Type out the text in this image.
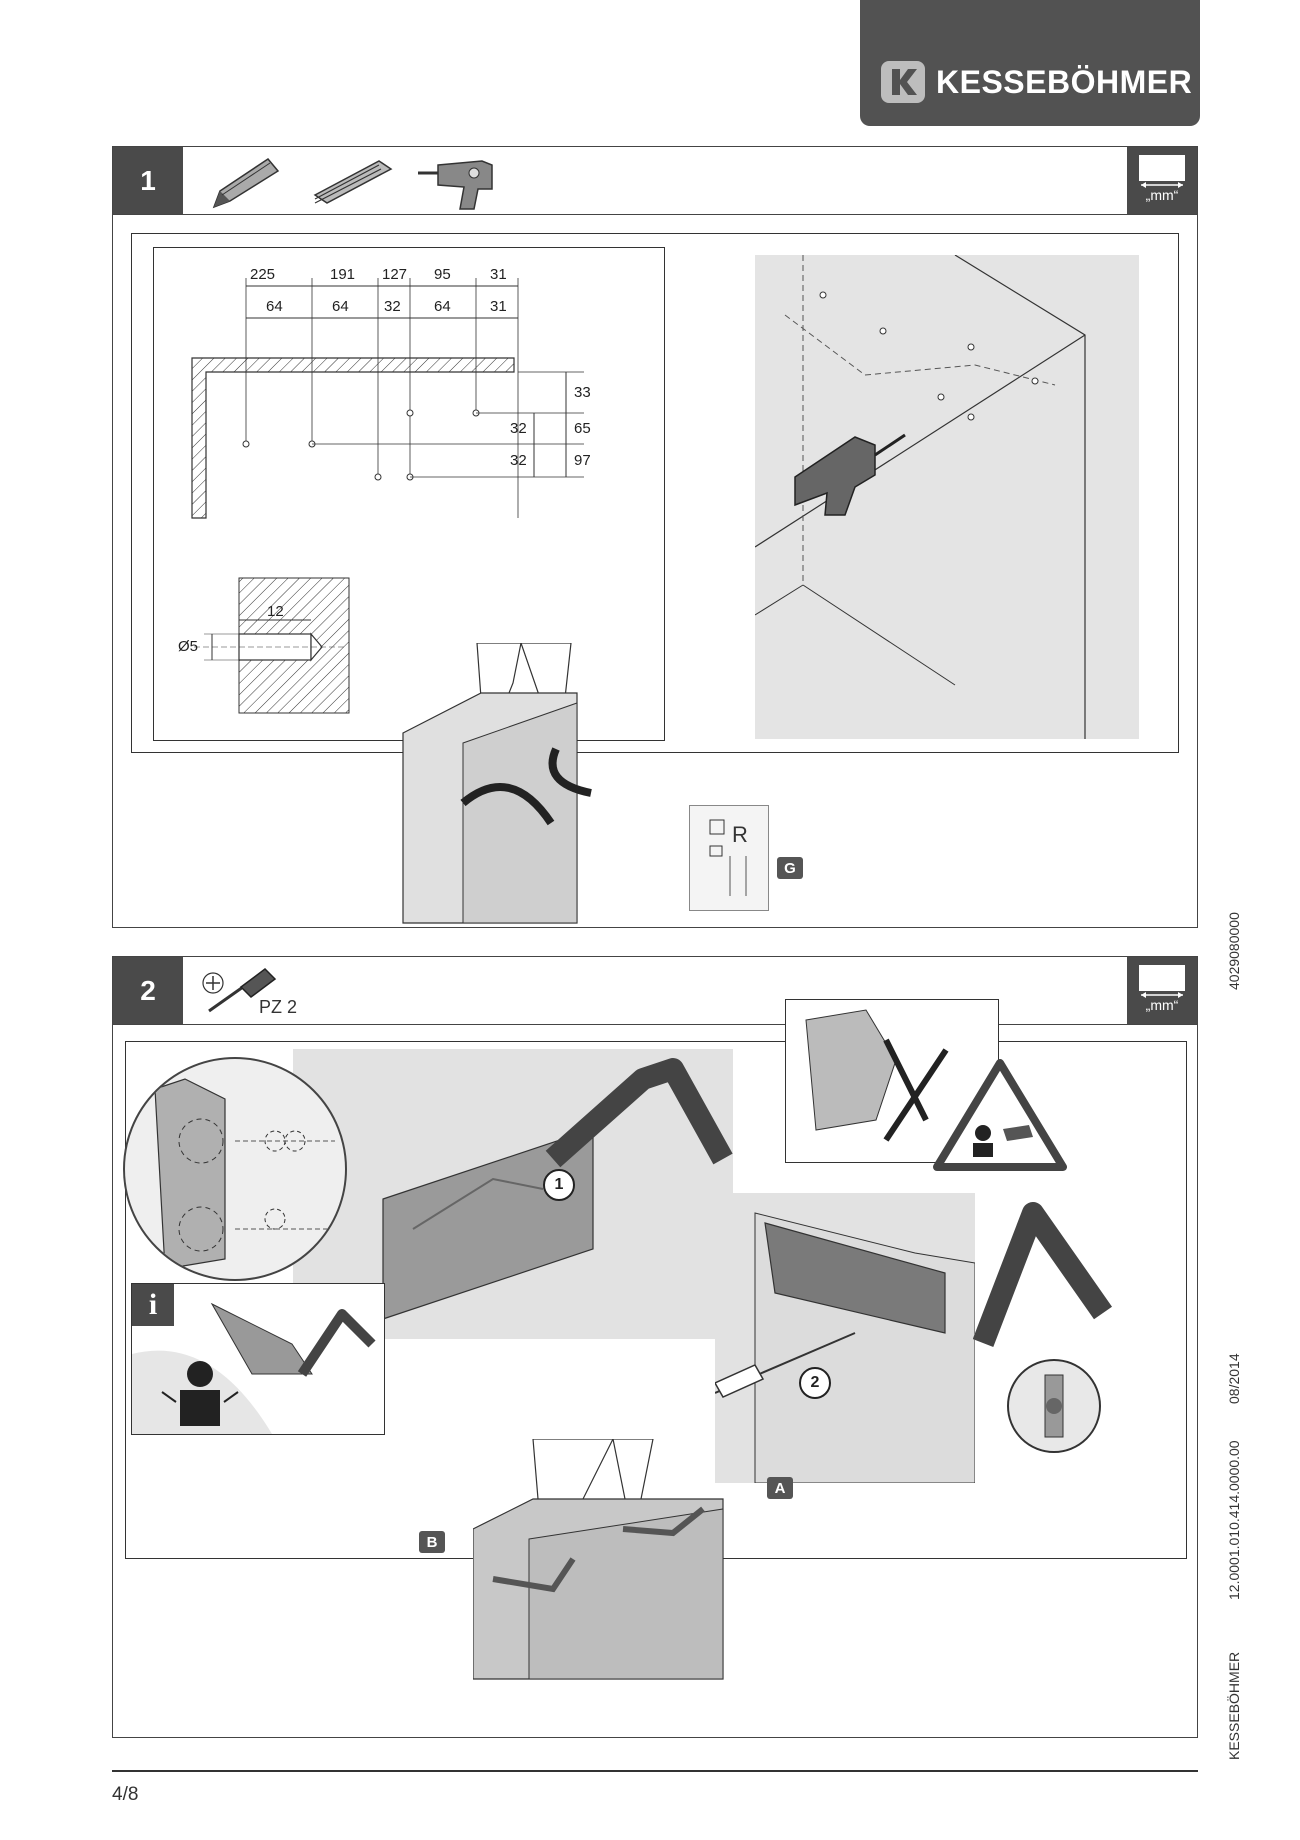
KESSEBÖHMER
1	„mm“
225	191 127 95	31
64	64 32 64	31
33
65
97
32
32
12
Ø5
R
G
2
PZ 2	„mm“
1
2
i
A
B
4029080000
08/2014
12.0001.010.414.0000.00
KESSEBÖHMER
4/8
